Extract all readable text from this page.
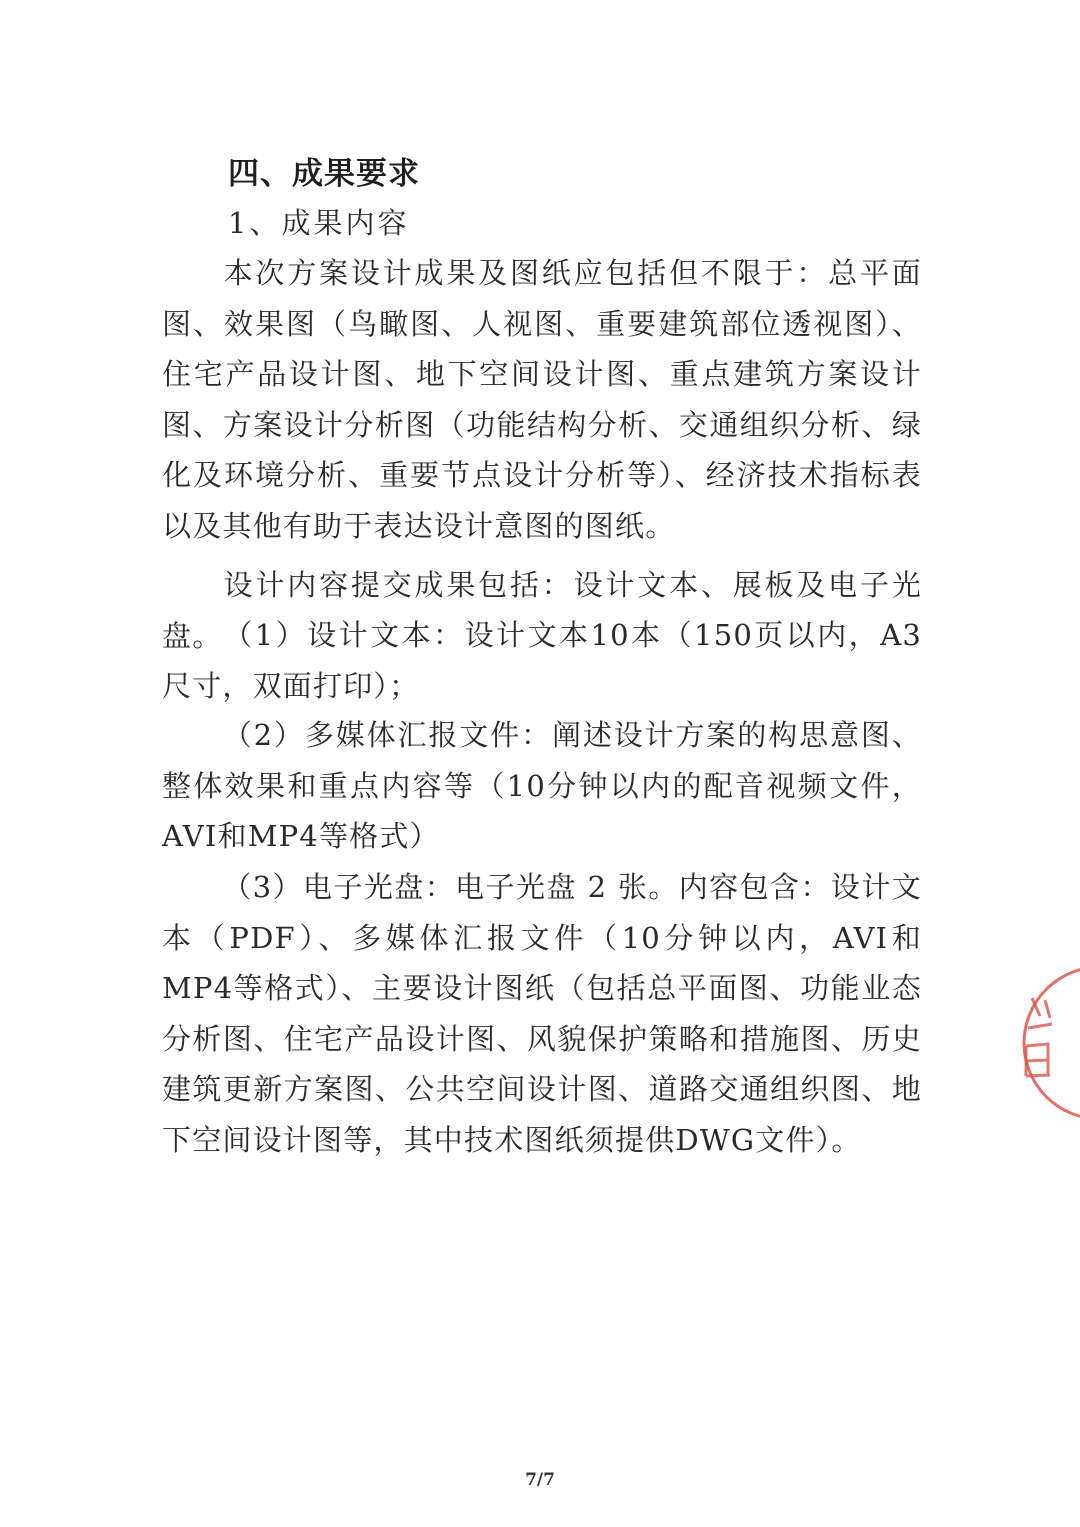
四、成果要求
1、成果内容
本次方案设计成果及图纸应包括但不限于：总平面图、效果图（鸟瞰图、人视图、重要建筑部位透视图）、住宅产品设计图、地下空间设计图、重点建筑方案设计图、方案设计分析图（功能结构分析、交通组织分析、绿化及环境分析、重要节点设计分析等）、经济技术指标表以及其他有助于表达设计意图的图纸。
设计内容提交成果包括：设计文本、展板及电子光盘。 （1）设计文本：设计文本10本（150页以内，A3尺寸，双面打印）；
（2）多媒体汇报文件：阐述设计方案的构思意图、整体效果和重点内容等（10分钟以内的配音视频文件，AVI和MP4等格式）
（3）电子光盘：电子光盘 2 张。内容包含：设计文本（PDF）、多媒体汇报文件（10分钟以内，AVI和MP4等格式）、主要设计图纸（包括总平面图、功能业态分析图、住宅产品设计图、风貌保护策略和措施图、历史建筑更新方案图、公共空间设计图、道路交通组织图、地下空间设计图等，其中技术图纸须提供DWG文件）。
7/7
